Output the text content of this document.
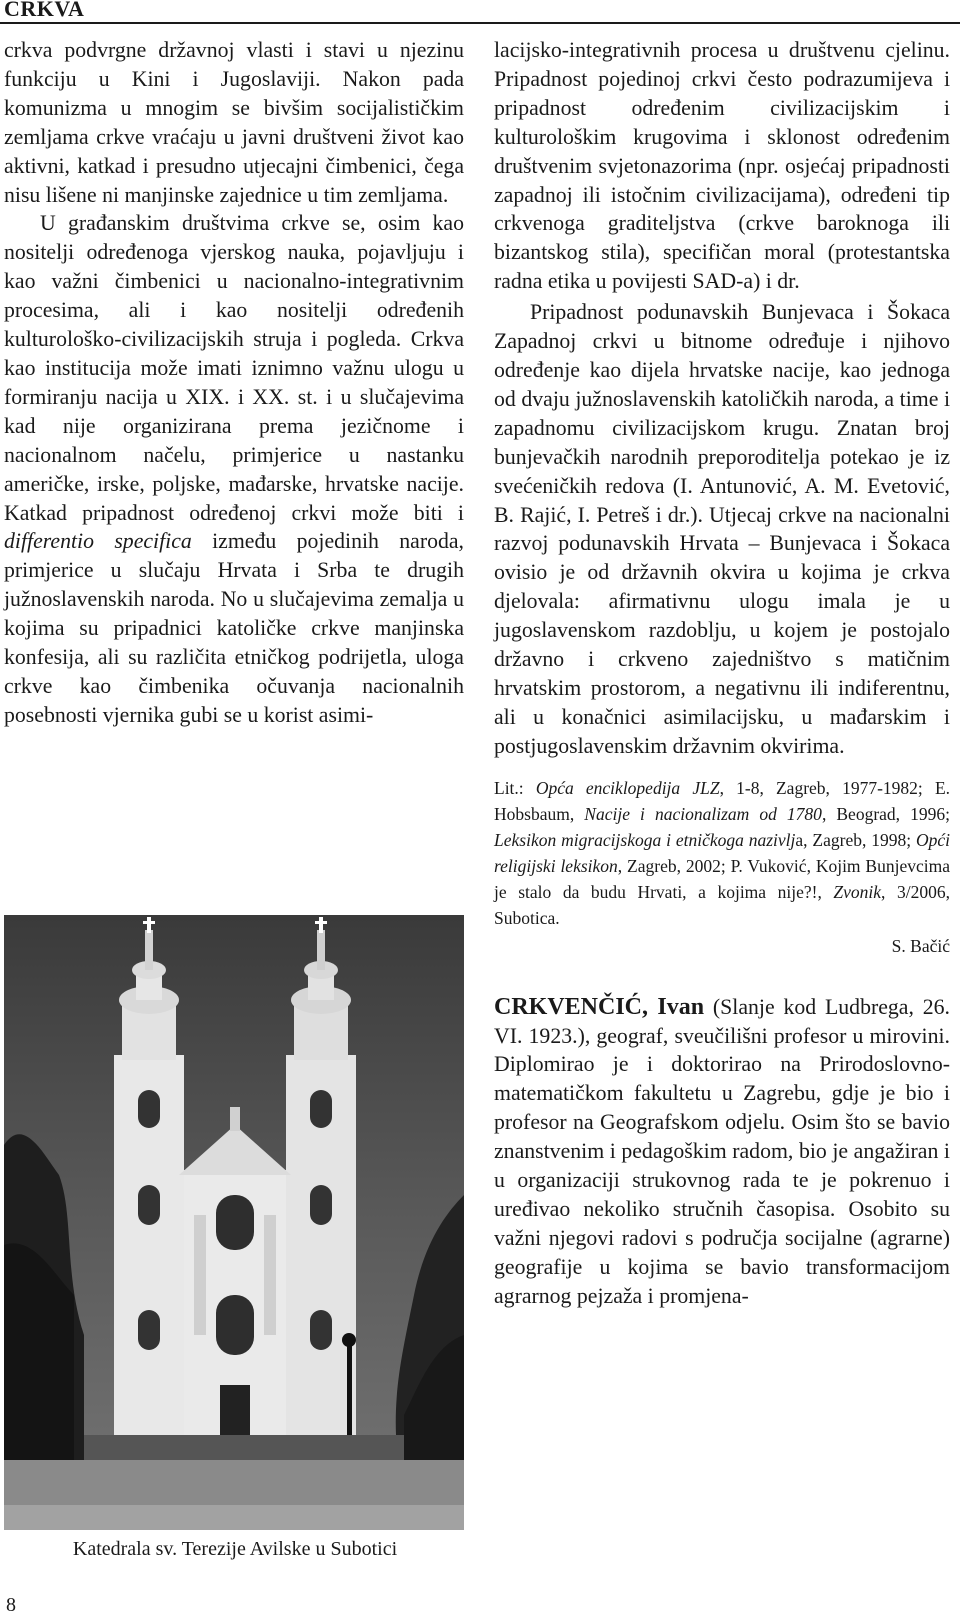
CRKVA

crkva podvrgne državnoj vlasti i stavi u njezinu funkciju u Kini i Jugoslaviji. Nakon pada komunizma u mnogim se bivšim socijalističkim zemljama crkve vraćaju u javni društveni život kao aktivni, katkad i presudno utjecajni čimbenici, čega nisu lišene ni manjinske zajednice u tim zemljama.

U građanskim društvima crkve se, osim kao nositelji određenoga vjerskog nauka, pojavljuju i kao važni čimbenici u nacionalno-integrativnim procesima, ali i kao nositelji određenih kulturološko-civilizacijskih struja i pogleda. Crkva kao institucija može imati iznimno važnu ulogu u formiranju nacija u XIX. i XX. st. i u slučajevima kad nije organizirana prema jezičnome i nacionalnom načelu, primjerice u nastanku američke, irske, poljske, mađarske, hrvatske nacije. Katkad pripadnost određenoj crkvi može biti i differentio specifica između pojedinih naroda, primjerice u slučaju Hrvata i Srba te drugih južnoslavenskih naroda. No u slučajevima zemalja u kojima su pripadnici katoličke crkve manjinska konfesija, ali su različita etničkog podrijetla, uloga crkve kao čimbenika očuvanja nacionalnih posebnosti vjernika gubi se u korist asimi-

Katedrala sv. Terezije Avilske u Subotici

lacijsko-integrativnih procesa u društvenu cjelinu. Pripadnost pojedinoj crkvi često podrazumijeva i pripadnost određenim civilizacijskim i kulturološkim krugovima i sklonost određenim društvenim svjetonazorima (npr. osjećaj pripadnosti zapadnoj ili istočnim civilizacijama), određeni tip crkvenoga graditeljstva (crkve baroknoga ili bizantskog stila), specifičan moral (protestantska radna etika u povijesti SAD-a) i dr.

Pripadnost podunavskih Bunjevaca i Šokaca Zapadnoj crkvi u bitnome određuje i njihovo određenje kao dijela hrvatske nacije, kao jednoga od dvaju južnoslavenskih katoličkih naroda, a time i zapadnomu civilizacijskom krugu. Znatan broj bunjevačkih narodnih preporoditelja potekao je iz svećeničkih redova (I. Antunović, A. M. Evetović, B. Rajić, I. Petreš i dr.). Utjecaj crkve na nacionalni razvoj podunavskih Hrvata – Bunjevaca i Šokaca ovisio je od državnih okvira u kojima je crkva djelovala: afirmativnu ulogu imala je u jugoslavenskom razdoblju, u kojem je postojalo državno i crkveno zajedništvo s matičnim hrvatskim prostorom, a negativnu ili indiferentnu, ali u konačnici asimilacijsku, u mađarskim i postjugoslavenskim državnim okvirima.

Lit.: Opća enciklopedija JLZ, 1-8, Zagreb, 1977-1982; E. Hobsbaum, Nacije i nacionalizam od 1780, Beograd, 1996; Leksikon migracijskoga i etničkoga nazivlja, Zagreb, 1998; Opći religijski leksikon, Zagreb, 2002; P. Vuković, Kojim Bunjevcima je stalo da budu Hrvati, a kojima nije?!, Zvonik, 3/2006, Subotica.

S. Bačić

CRKVENČIĆ, Ivan (Slanje kod Ludbrega, 26. VI. 1923.), geograf, sveučilišni profesor u mirovini. Diplomirao je i doktorirao na Prirodoslovno-matematičkom fakultetu u Zagrebu, gdje je bio i profesor na Geografskom odjelu. Osim što se bavio znanstvenim i pedagoškim radom, bio je angažiran i u organizaciji strukovnog rada te je pokrenuo i uređivao nekoliko stručnih časopisa. Osobito su važni njegovi radovi s područja socijalne (agrarne) geografije u kojima se bavio transformacijom agrarnog pejzaža i promjena-

8
